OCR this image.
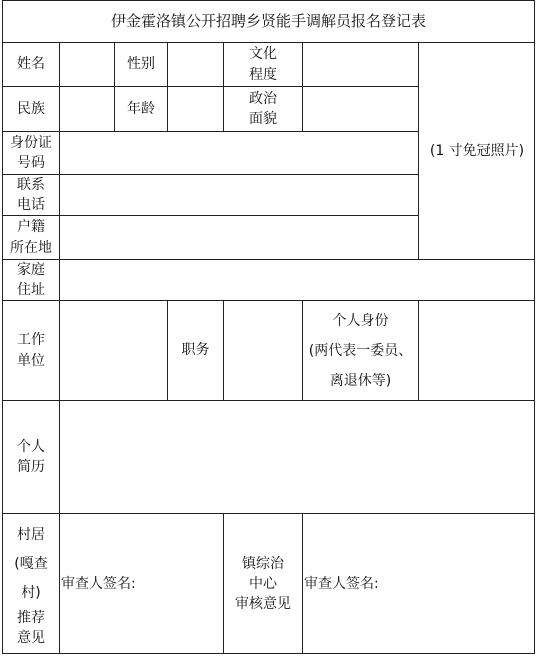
伊金霍洛镇公开招聘乡贤能手调解员报名登记表
姓名	性别
文化
程度
(1 寸免冠照片)
民族	年龄
政治
面貌
身份证
号码
联系
电话
户籍
所在地
家庭
住址
工作
单位
职务
个人身份
(两代表一委员、
离退休等)
个人
简历
村居
(嘎查
村)
推荐
意见
审查人签名:
镇综治
中心
审核意见
审查人签名:
